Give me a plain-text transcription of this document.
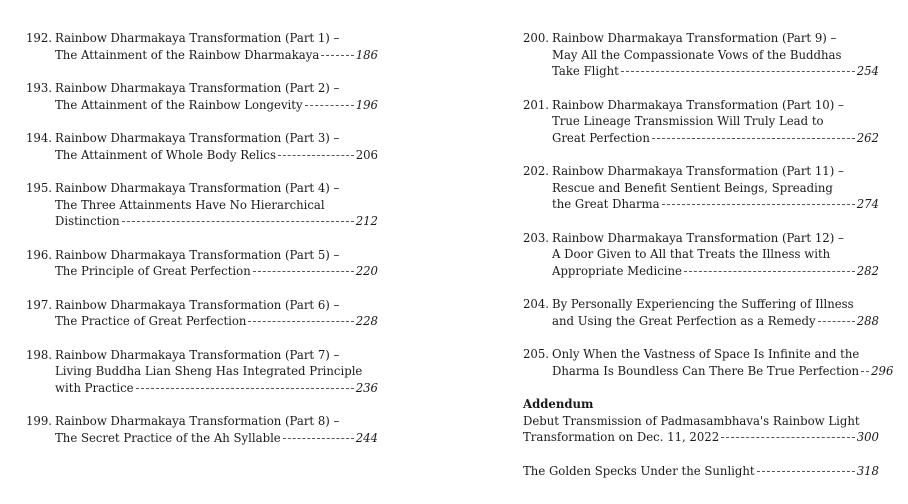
192. Rainbow Dharmakaya Transformation (Part 1) –
The Attainment of the Rainbow Dharmakaya	186
193. Rainbow Dharmakaya Transformation (Part 2) –
The Attainment of the Rainbow Longevity	196
194. Rainbow Dharmakaya Transformation (Part 3) –
The Attainment of Whole Body Relics	206
195. Rainbow Dharmakaya Transformation (Part 4) –
The Three Attainments Have No Hierarchical
Distinction	212
196. Rainbow Dharmakaya Transformation (Part 5) –
The Principle of Great Perfection	220
197. Rainbow Dharmakaya Transformation (Part 6) –
The Practice of Great Perfection	228
198. Rainbow Dharmakaya Transformation (Part 7) –
Living Buddha Lian Sheng Has Integrated Principle
with Practice	236
199. Rainbow Dharmakaya Transformation (Part 8) –
The Secret Practice of the Ah Syllable	244
200. Rainbow Dharmakaya Transformation (Part 9) –
May All the Compassionate Vows of the Buddhas
Take Flight	254
201. Rainbow Dharmakaya Transformation (Part 10) –
True Lineage Transmission Will Truly Lead to
Great Perfection	262
202. Rainbow Dharmakaya Transformation (Part 11) –
Rescue and Benefit Sentient Beings, Spreading
the Great Dharma	274
203. Rainbow Dharmakaya Transformation (Part 12) –
A Door Given to All that Treats the Illness with
Appropriate Medicine	282
204. By Personally Experiencing the Suffering of Illness
and Using the Great Perfection as a Remedy	288
205. Only When the Vastness of Space Is Infinite and the
Dharma Is Boundless Can There Be True Perfection 296
Addendum
Debut Transmission of Padmasambhava's Rainbow Light
Transformation on Dec. 11, 2022	300
The Golden Specks Under the Sunlight	318
